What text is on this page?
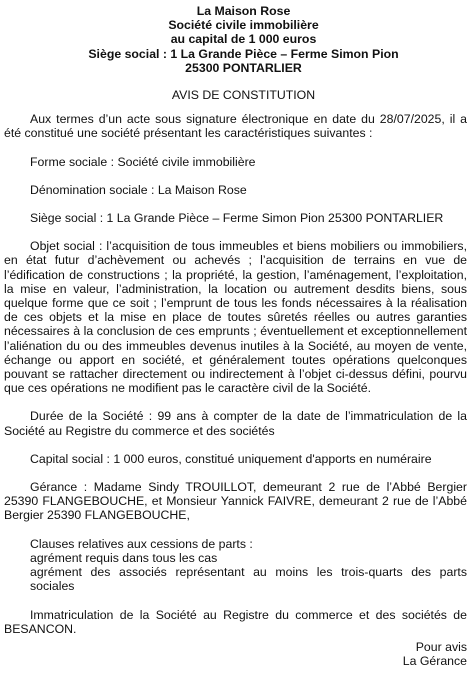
La Maison Rose
Société civile immobilière
au capital de 1 000 euros
Siège social : 1 La Grande Pièce – Ferme Simon Pion
25300 PONTARLIER
AVIS DE CONSTITUTION

Aux termes d’un acte sous signature électronique en date du 28/07/2025, il a été constitué une société présentant les caractéristiques suivantes :

Forme sociale : Société civile immobilière

Dénomination sociale : La Maison Rose

Siège social : 1 La Grande Pièce – Ferme Simon Pion 25300 PONTARLIER

Objet social : l’acquisition de tous immeubles et biens mobiliers ou immobiliers, en état futur d’achèvement ou achevés ; l’acquisition de terrains en vue de l’édification de constructions ; la propriété, la gestion, l’aménagement, l’exploitation, la mise en valeur, l’administration, la location ou autrement desdits biens, sous quelque forme que ce soit ; l’emprunt de tous les fonds nécessaires à la réalisation de ces objets et la mise en place de toutes sûretés réelles ou autres garanties nécessaires à la conclusion de ces emprunts ; éventuellement et exceptionnellement l’aliénation du ou des immeubles devenus inutiles à la Société, au moyen de vente, échange ou apport en société, et généralement toutes opérations quelconques pouvant se rattacher directement ou indirectement à l’objet ci-dessus défini, pourvu que ces opérations ne modifient pas le caractère civil de la Société.

Durée de la Société : 99 ans à compter de la date de l’immatriculation de la Société au Registre du commerce et des sociétés

Capital social : 1 000 euros, constitué uniquement d'apports en numéraire

Gérance : Madame Sindy TROUILLOT, demeurant 2 rue de l’Abbé Bergier 25390 FLANGEBOUCHE, et Monsieur Yannick FAIVRE, demeurant 2 rue de l’Abbé Bergier 25390 FLANGEBOUCHE,

Clauses relatives aux cessions de parts :

agrément requis dans tous les cas

agrément des associés représentant au moins les trois-quarts des parts sociales

Immatriculation de la Société au Registre du commerce et des sociétés de BESANCON.

Pour avis
La Gérance
